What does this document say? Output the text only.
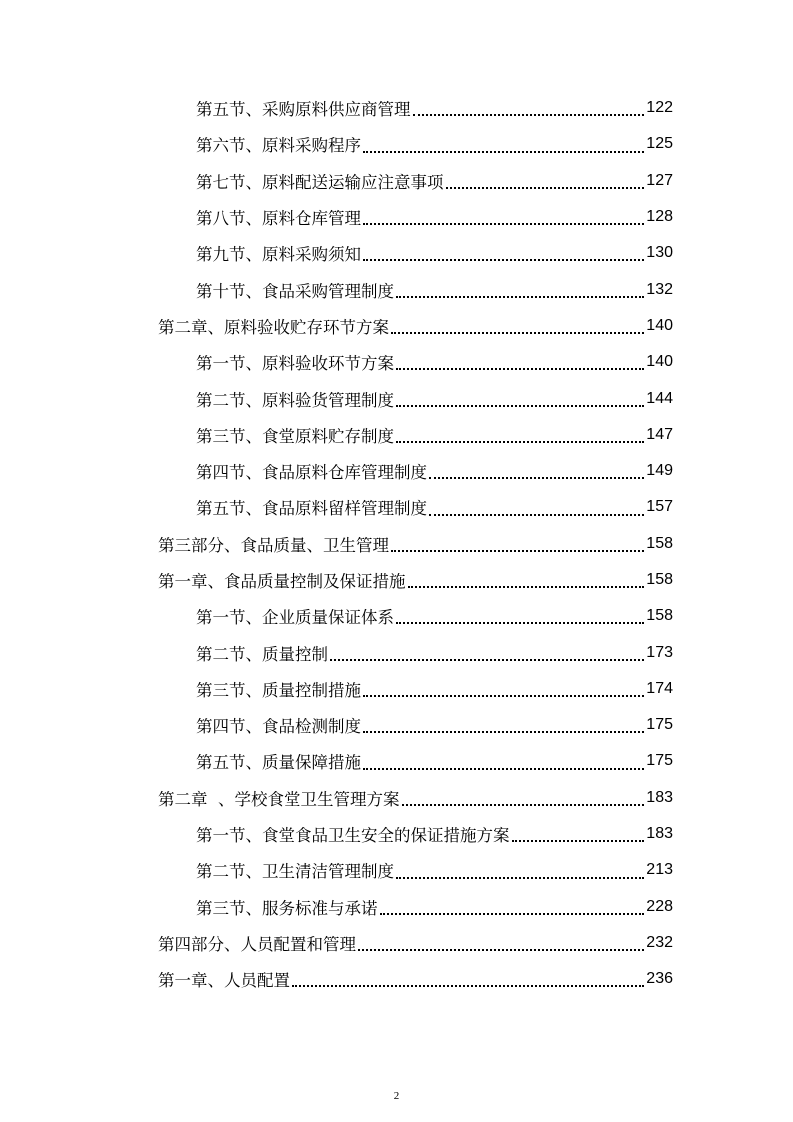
第五节、采购原料供应商管理	122
第六节、原料采购程序	125
第七节、原料配送运输应注意事项	127
第八节、原料仓库管理	128
第九节、原料采购须知	130
第十节、食品采购管理制度	132
第二章、原料验收贮存环节方案	140
第一节、原料验收环节方案	140
第二节、原料验货管理制度	144
第三节、食堂原料贮存制度	147
第四节、食品原料仓库管理制度	149
第五节、食品原料留样管理制度	157
第三部分、食品质量、卫生管理	158
第一章、食品质量控制及保证措施	158
第一节、企业质量保证体系	158
第二节、质量控制	173
第三节、质量控制措施	174
第四节、食品检测制度	175
第五节、质量保障措施	175
第二章  、学校食堂卫生管理方案	183
第一节、食堂食品卫生安全的保证措施方案	183
第二节、卫生清洁管理制度	213
第三节、服务标准与承诺	228
第四部分、人员配置和管理	232
第一章、人员配置	236
2
